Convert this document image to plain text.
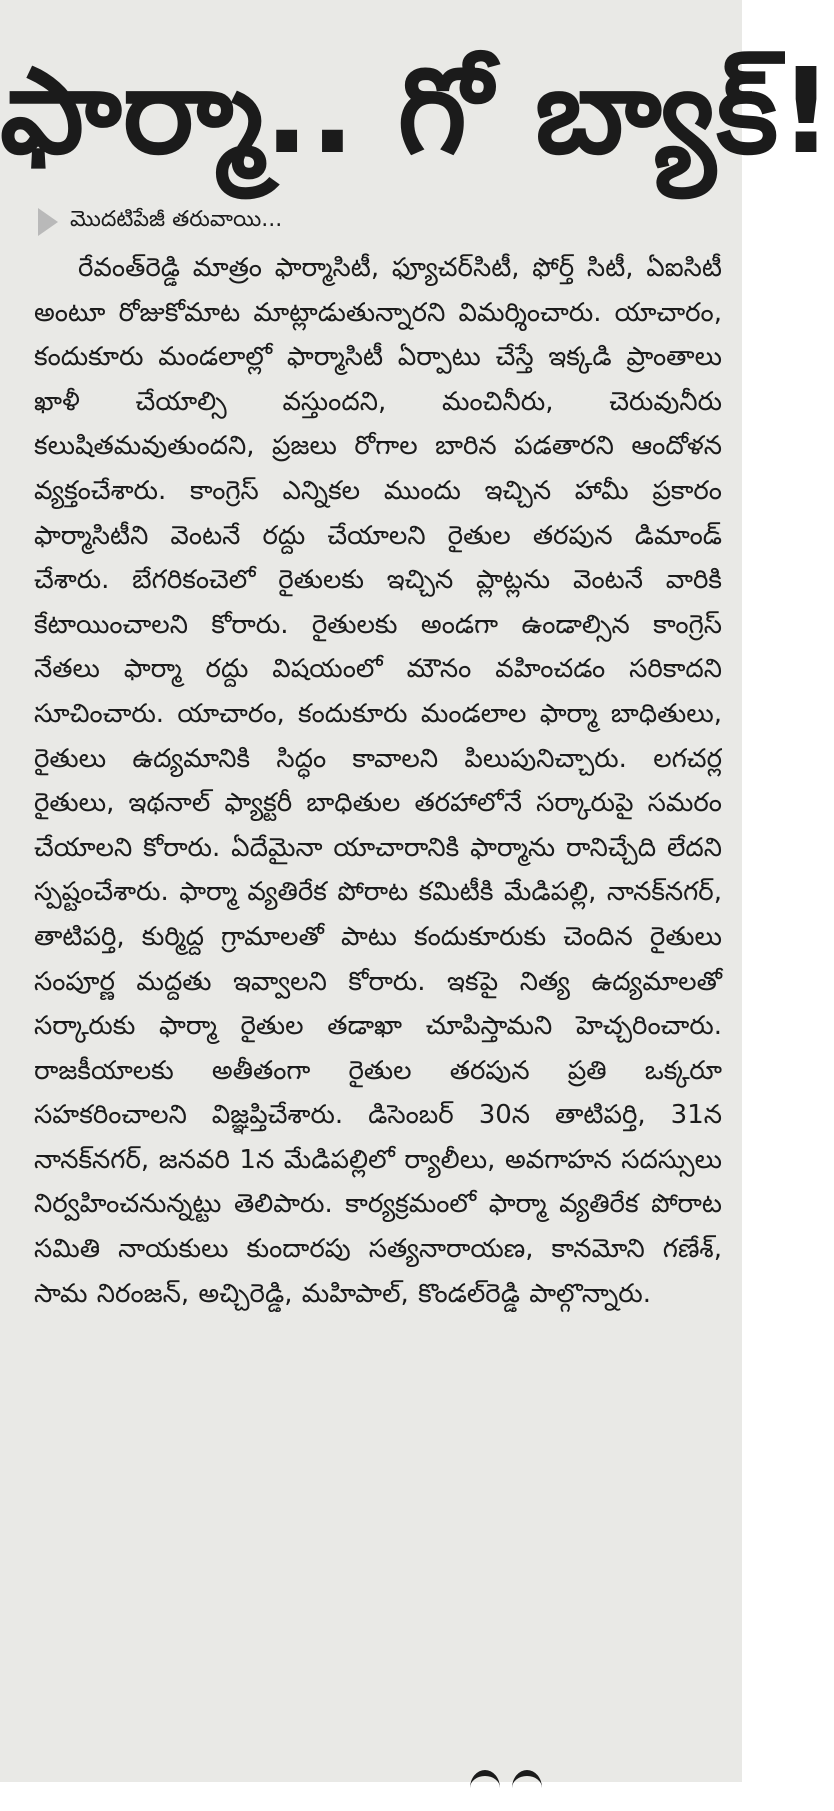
ఫార్మా.. గో బ్యాక్!
మొదటిపేజీ తరువాయి...

రేవంత్‌రెడ్డి మాత్రం ఫార్మాసిటీ, ఫ్యూచర్‌సిటీ, ఫోర్త్ సిటీ, ఏఐసిటీ అంటూ రోజుకోమాట మాట్లాడుతున్నారని విమర్శించారు. యాచారం, కందుకూరు మండలాల్లో ఫార్మాసిటీ ఏర్పాటు చేస్తే ఇక్కడి ప్రాంతాలు ఖాళీ చేయాల్సి వస్తుందని, మంచినీరు, చెరువునీరు కలుషితమవుతుందని, ప్రజలు రోగాల బారిన పడతారని ఆందోళన వ్యక్తంచేశారు. కాంగ్రెస్ ఎన్నికల ముందు ఇచ్చిన హామీ ప్రకారం ఫార్మాసిటీని వెంటనే రద్దు చేయాలని రైతుల తరపున డిమాండ్ చేశారు. బేగరికంచెలో రైతులకు ఇచ్చిన ప్లాట్లను వెంటనే వారికి కేటాయించాలని కోరారు. రైతులకు అండగా ఉండాల్సిన కాంగ్రెస్ నేతలు ఫార్మా రద్దు విషయంలో మౌనం వహించడం సరికాదని సూచించారు. యాచారం, కందుకూరు మండలాల ఫార్మా బాధితులు, రైతులు ఉద్యమానికి సిద్ధం కావాలని పిలుపునిచ్చారు. లగచర్ల రైతులు, ఇథనాల్ ఫ్యాక్టరీ బాధితుల తరహాలోనే సర్కారుపై సమరం చేయాలని కోరారు. ఏదేమైనా యాచారానికి ఫార్మాను రానిచ్చేది లేదని స్పష్టంచేశారు. ఫార్మా వ్యతిరేక పోరాట కమిటీకి మేడిపల్లి, నానక్‌నగర్, తాటిపర్తి, కుర్మిద్ద గ్రామాలతో పాటు కందుకూరుకు చెందిన రైతులు సంపూర్ణ మద్దతు ఇవ్వాలని కోరారు. ఇకపై నిత్య ఉద్యమాలతో సర్కారుకు ఫార్మా రైతుల తడాఖా చూపిస్తామని హెచ్చరించారు. రాజకీయాలకు అతీతంగా రైతుల తరపున ప్రతి ఒక్కరూ సహకరించాలని విజ్ఞప్తిచేశారు. డిసెంబర్ 30న తాటిపర్తి, 31న నానక్‌నగర్, జనవరి 1న మేడిపల్లిలో ర్యాలీలు, అవగాహన సదస్సులు నిర్వహించనున్నట్టు తెలిపారు. కార్యక్రమంలో ఫార్మా వ్యతిరేక పోరాట సమితి నాయకులు కుందారపు సత్యనారాయణ, కానమోని గణేశ్, సామ నిరంజన్, అచ్చిరెడ్డి, మహిపాల్, కొండల్‌రెడ్డి పాల్గొన్నారు.
